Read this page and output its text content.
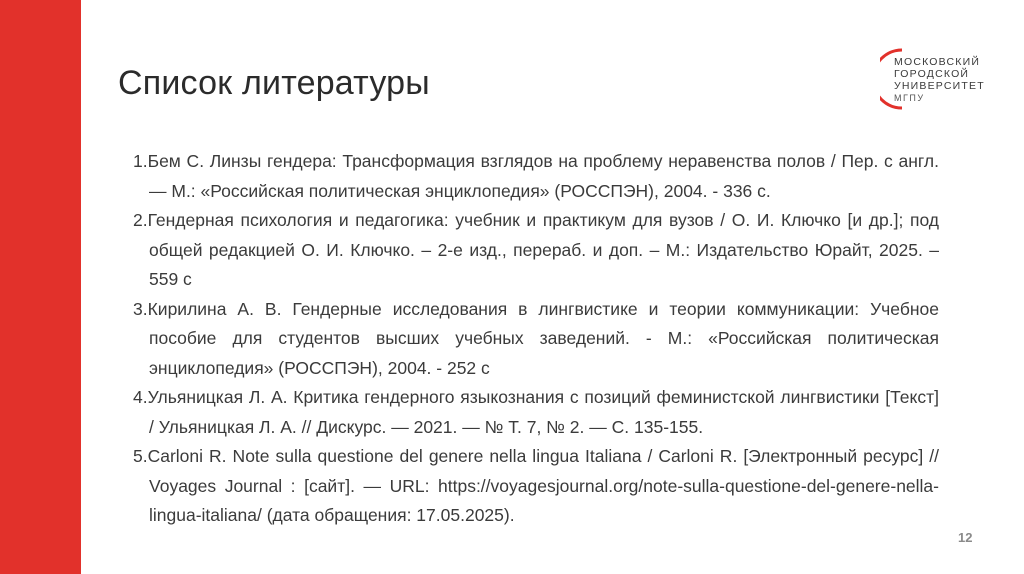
Список литературы
МОСКОВСКИЙ
ГОРОДСКОЙ
УНИВЕРСИТЕТ
МГПУ
1.Бем С. Линзы гендера: Трансформация взглядов на проблему неравенства полов / Пер. с англ. — М.: «Российская политическая энциклопедия» (РОССПЭН), 2004. - 336 с.
2.Гендерная психология и педагогика: учебник и практикум для вузов / О. И. Ключко [и др.]; под общей редакцией О. И. Ключко. – 2-е изд., перераб. и доп. – М.: Издательство Юрайт, 2025. – 559 с
3.Кирилина А. В. Гендерные исследования в лингвистике и теории коммуникации: Учебное пособие для студентов высших учебных заведений. - М.: «Российская политическая энциклопедия» (РОССПЭН), 2004. - 252 с
4.Ульяницкая Л. А. Критика гендерного языкознания с позиций феминистской лингвистики [Текст] / Ульяницкая Л. А. // Дискурс. — 2021. — № Т. 7, № 2. — С. 135-155.
5.Carloni R. Note sulla questione del genere nella lingua Italiana / Carloni R. [Электронный ресурс] // Voyages Journal : [сайт]. — URL: https://voyagesjournal.org/note-sulla-questione-del-genere-nella-lingua-italiana/ (дата обращения: 17.05.2025).
12
